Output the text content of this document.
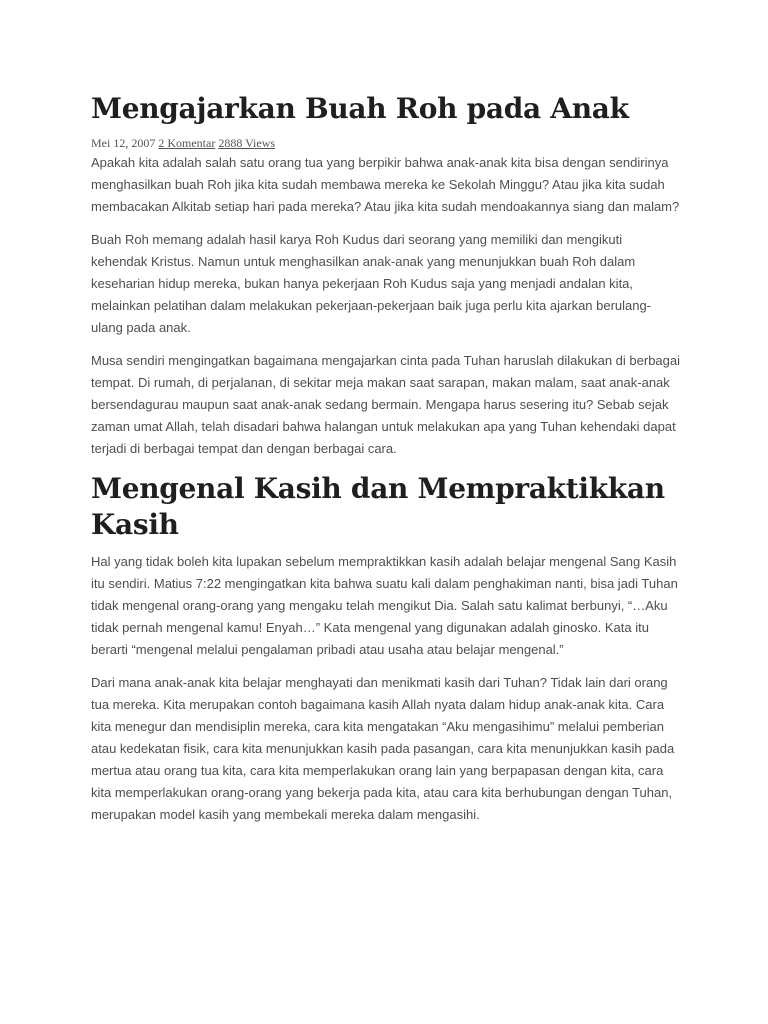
Mengajarkan Buah Roh pada Anak
Mei 12, 2007 2 Komentar 2888 Views

Apakah kita adalah salah satu orang tua yang berpikir bahwa anak-anak kita bisa dengan sendirinya menghasilkan buah Roh jika kita sudah membawa mereka ke Sekolah Minggu? Atau jika kita sudah membacakan Alkitab setiap hari pada mereka? Atau jika kita sudah mendoakannya siang dan malam?

Buah Roh memang adalah hasil karya Roh Kudus dari seorang yang memiliki dan mengikuti kehendak Kristus. Namun untuk menghasilkan anak-anak yang menunjukkan buah Roh dalam keseharian hidup mereka, bukan hanya pekerjaan Roh Kudus saja yang menjadi andalan kita, melainkan pelatihan dalam melakukan pekerjaan-pekerjaan baik juga perlu kita ajarkan berulang-ulang pada anak.

Musa sendiri mengingatkan bagaimana mengajarkan cinta pada Tuhan haruslah dilakukan di berbagai tempat. Di rumah, di perjalanan, di sekitar meja makan saat sarapan, makan malam, saat anak-anak bersendagurau maupun saat anak-anak sedang bermain. Mengapa harus sesering itu? Sebab sejak zaman umat Allah, telah disadari bahwa halangan untuk melakukan apa yang Tuhan kehendaki dapat terjadi di berbagai tempat dan dengan berbagai cara.

Mengenal Kasih dan Mempraktikkan Kasih

Hal yang tidak boleh kita lupakan sebelum mempraktikkan kasih adalah belajar mengenal Sang Kasih itu sendiri. Matius 7:22 mengingatkan kita bahwa suatu kali dalam penghakiman nanti, bisa jadi Tuhan tidak mengenal orang-orang yang mengaku telah mengikut Dia. Salah satu kalimat berbunyi, “…Aku tidak pernah mengenal kamu! Enyah…” Kata mengenal yang digunakan adalah ginosko. Kata itu berarti “mengenal melalui pengalaman pribadi atau usaha atau belajar mengenal.”

Dari mana anak-anak kita belajar menghayati dan menikmati kasih dari Tuhan? Tidak lain dari orang tua mereka. Kita merupakan contoh bagaimana kasih Allah nyata dalam hidup anak-anak kita. Cara kita menegur dan mendisiplin mereka, cara kita mengatakan “Aku mengasihimu” melalui pemberian atau kedekatan fisik, cara kita menunjukkan kasih pada pasangan, cara kita menunjukkan kasih pada mertua atau orang tua kita, cara kita memperlakukan orang lain yang berpapasan dengan kita, cara kita memperlakukan orang-orang yang bekerja pada kita, atau cara kita berhubungan dengan Tuhan, merupakan model kasih yang membekali mereka dalam mengasihi.
